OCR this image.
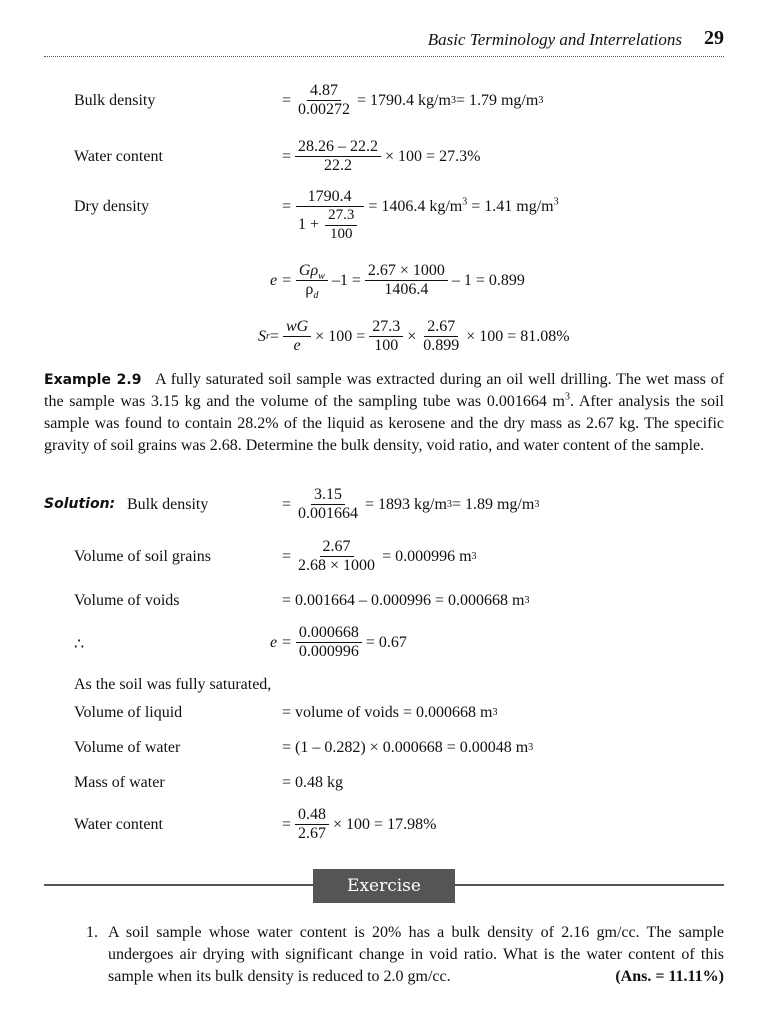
Basic Terminology and Interrelations 29
Bulk density	= $\frac{4.87}{0.00272} = 1790.4$ kg/m 3 = 1.79 mg/m 3
Water content	= $\frac{28.26 - 22.2}{22.2} \times 100 = 27.3\%$
Dry density	= $\frac{1790.4}{1 + \frac{27.3}{100}} = 1406.4$ $kg/m^3 = 1.41$ $mg/m^3$
$e = \frac{G\rho_w}{\rho_d} -1 = \frac{2.67 \times 1000}{1406.4} - 1 = 0.899$
S $r = \frac{wG}{e} \times 100 = \frac{27.3}{100} \times \frac{2.67}{0.899} \times 100 = 81.08\%$
Example 2.9 A fully saturated soil sample was extracted during an oil well drilling. The wet mass of the sample was 3.15 kg and the volume of the sampling tube was 0.001664 $m^3$. After analysis the soil sample was found to contain 28.2% of the liquid as kerosene and the dry mass as 2.67 kg. The specific gravity of soil grains was 2.68. Determine the bulk density, void ratio, and water content of the sample.
Solution: Bulk density	= $\frac{3.15}{0.001664} = 1893$ kg/m 3 = 1.89 mg/m 3
Volume of soil grains	= $\frac{2.67}{2.68 \times 1000} = 0.000996$ m 3
Volume of voids	= 0.001664 – 0.000996 = 0.000668 m 3
∴	$e = \frac{0.000668}{0.000996} = 0.67$
As the soil was fully saturated,
Volume of liquid	= volume of voids = 0.000668 m 3
Volume of water	= (1 – 0.282) × 0.000668 = 0.00048 m 3
Mass of water	= 0.48 kg
Water content	= $\frac{0.48}{2.67} \times 100 = 17.98\%$
Exercise
1. A soil sample whose water content is 20% has a bulk density of 2.16 gm/cc. The sample undergoes air drying with significant change in void ratio. What is the water content of this sample when its bulk density is reduced to 2.0 gm/cc.	(Ans. = 11.11%)
